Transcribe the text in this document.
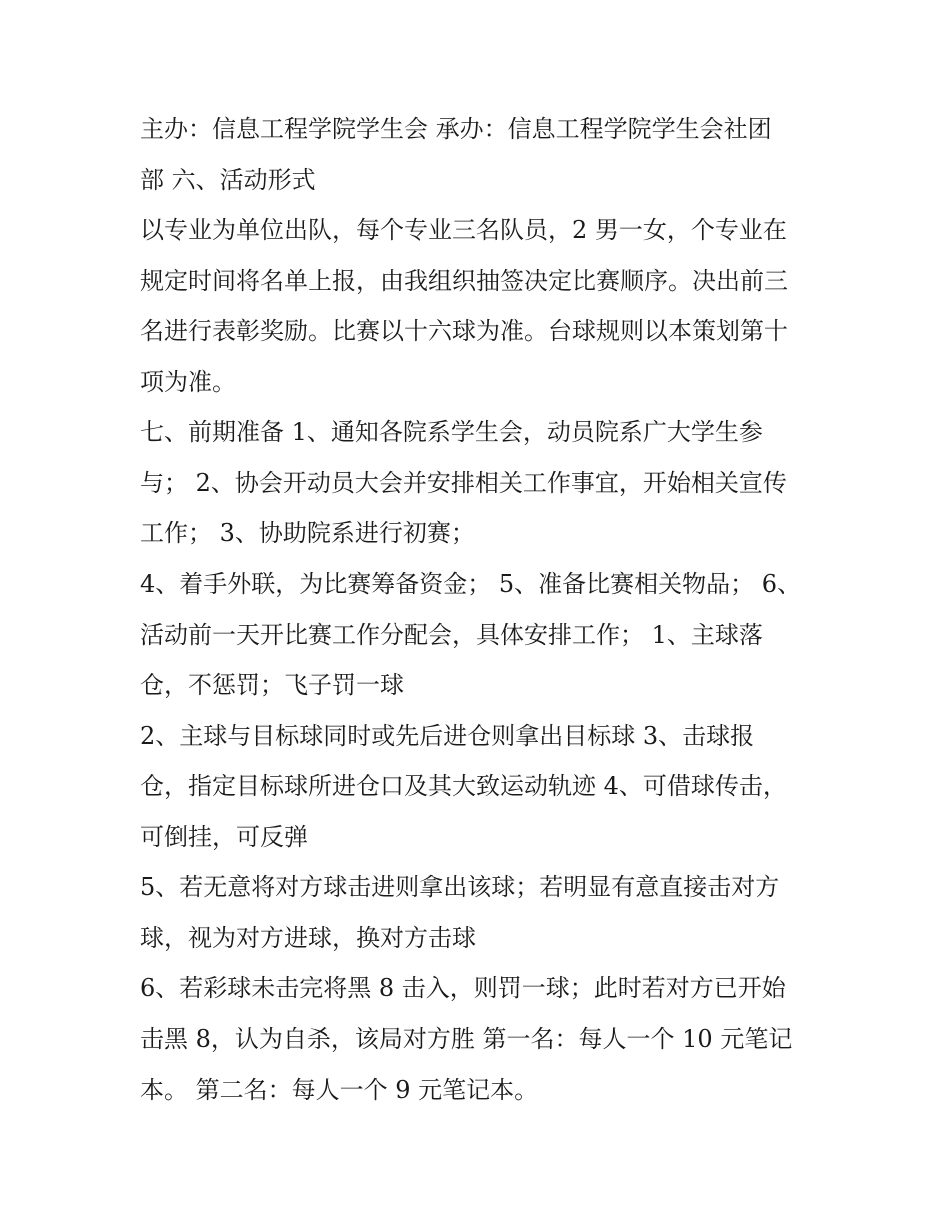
主办：信息工程学院学生会 承办：信息工程学院学生会社团

部 六、活动形式

以专业为单位出队，每个专业三名队员，2 男一女，个专业在

规定时间将名单上报，由我组织抽签决定比赛顺序。决出前三

名进行表彰奖励。比赛以十六球为准。台球规则以本策划第十

项为准。

七、前期准备 1、通知各院系学生会，动员院系广大学生参

与； 2、协会开动员大会并安排相关工作事宜，开始相关宣传

工作； 3、协助院系进行初赛；

4、着手外联，为比赛筹备资金； 5、准备比赛相关物品； 6、

活动前一天开比赛工作分配会，具体安排工作； 1、主球落

仓，不惩罚；飞子罚一球

2、主球与目标球同时或先后进仓则拿出目标球 3、击球报

仓，指定目标球所进仓口及其大致运动轨迹 4、可借球传击，

可倒挂，可反弹

5、若无意将对方球击进则拿出该球；若明显有意直接击对方

球，视为对方进球，换对方击球

6、若彩球未击完将黑 8 击入，则罚一球；此时若对方已开始

击黑 8，认为自杀，该局对方胜 第一名：每人一个 10 元笔记

本。 第二名：每人一个 9 元笔记本。
